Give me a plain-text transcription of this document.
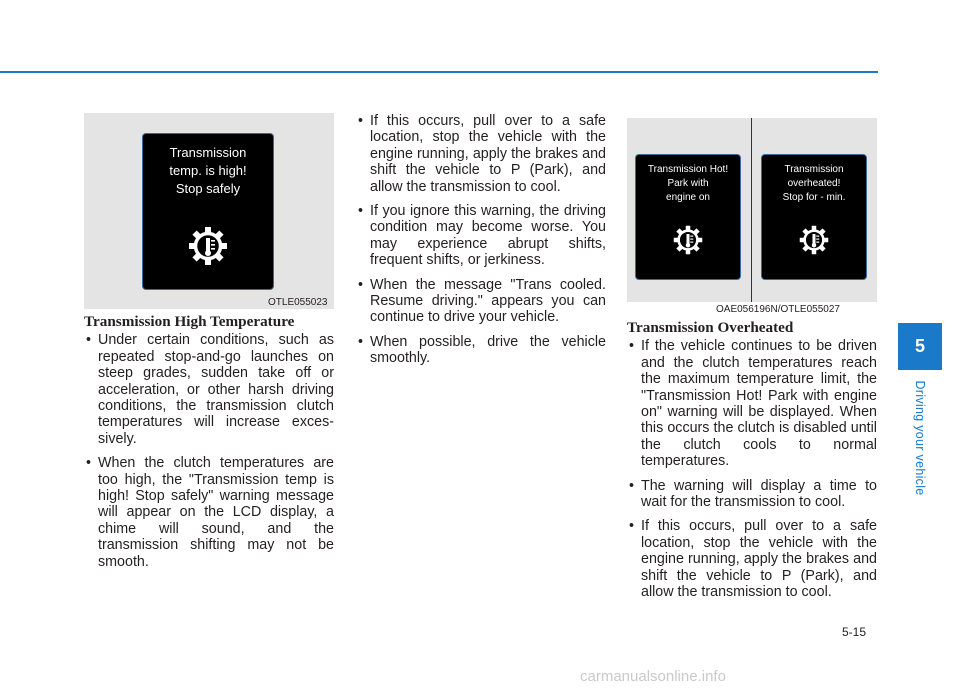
Transmission
temp. is high!
Stop safely
OTLE055023
Transmission Hot!
Park with
engine on
Transmission
overheated!
Stop for - min.
OAE056196N/OTLE055027
Transmission High Temperature
• Under certain conditions, such as repeated stop-and-go launches on steep grades, sudden take off or acceleration, or other harsh driving conditions, the transmission clutch temperatures will increase excessively.
• When the clutch temperatures are too high, the "Transmission temp is high! Stop safely" warning message will appear on the LCD display, a chime will sound, and the transmission shifting may not be smooth.
• If this occurs, pull over to a safe location, stop the vehicle with the engine running, apply the brakes and shift the vehicle to P (Park), and allow the transmission to cool.
• If you ignore this warning, the driving condition may become worse. You may experience abrupt shifts, frequent shifts, or jerkiness.
• When the message "Trans cooled. Resume driving." appears you can continue to drive your vehicle.
• When possible, drive the vehicle smoothly.
Transmission Overheated
• If the vehicle continues to be driven and the clutch temperatures reach the maximum temperature limit, the "Transmission Hot! Park with engine on" warning will be displayed. When this occurs the clutch is disabled until the clutch cools to normal temperatures.
• The warning will display a time to wait for the transmission to cool.
• If this occurs, pull over to a safe location, stop the vehicle with the engine running, apply the brakes and shift the vehicle to P (Park), and allow the transmission to cool.
5
Driving your vehicle
5-15
carmanualsonline.info
